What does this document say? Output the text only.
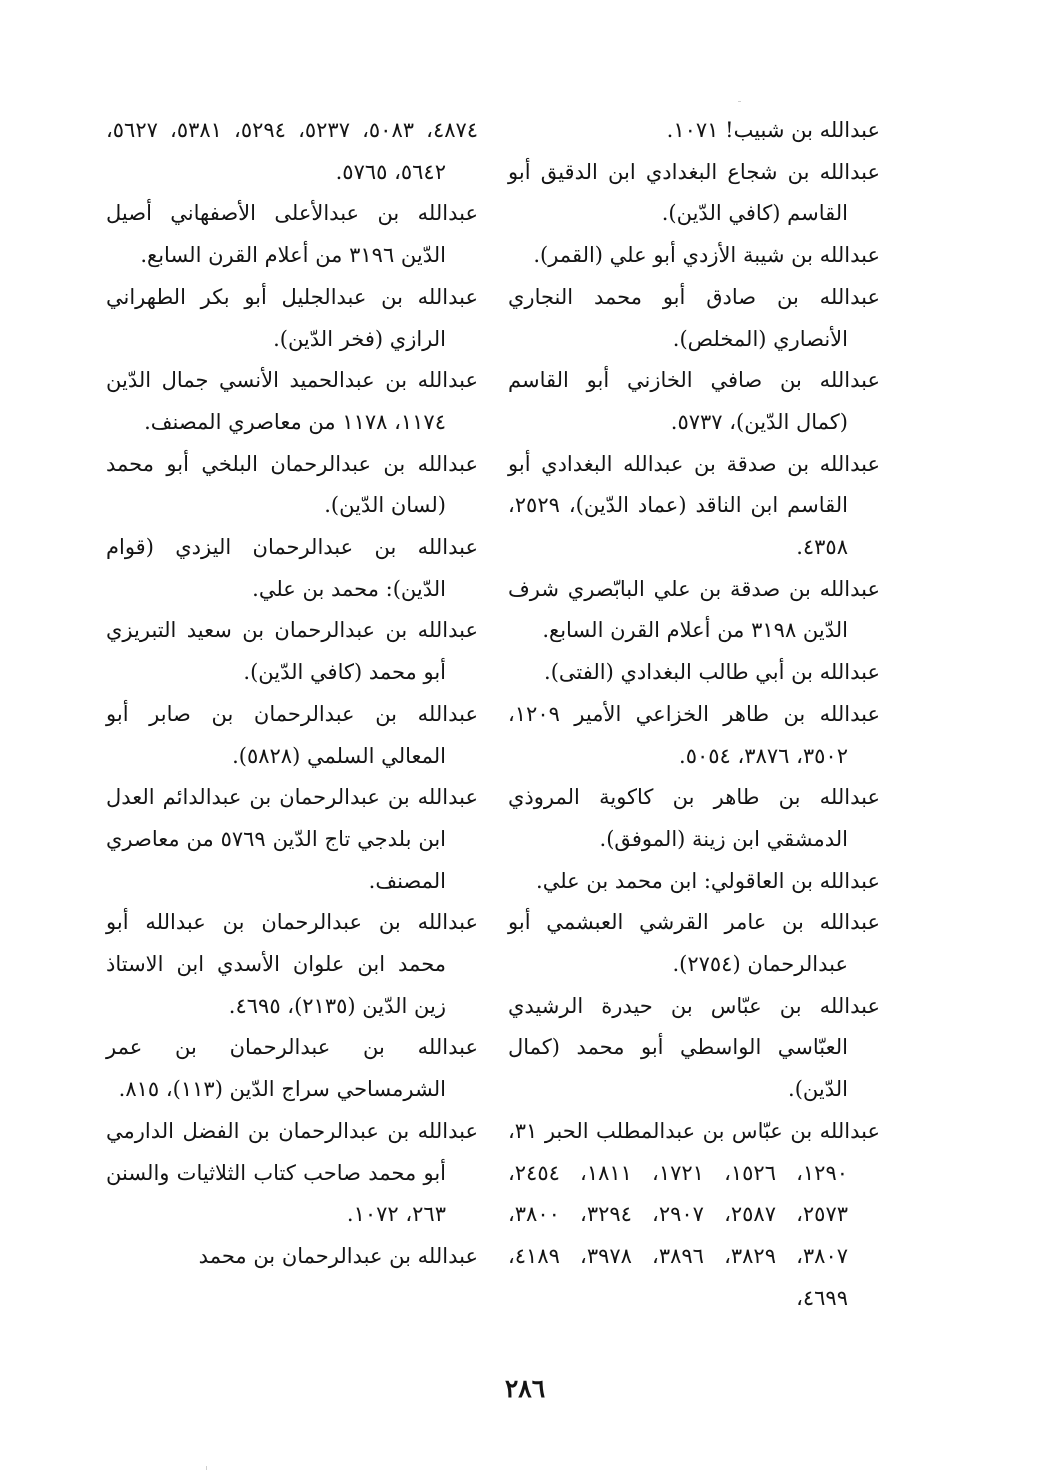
عبدالله بن شبيب! ١٠٧١.

عبدالله بن شجاع البغدادي ابن الدقيق أبو القاسم (كافي الدّين).

عبدالله بن شيبة الأزدي أبو علي (القمر).

عبدالله بن صادق أبو محمد النجاري الأنصاري (المخلص).

عبدالله بن صافي الخازني أبو القاسم (كمال الدّين)، ٥٧٣٧.

عبدالله بن صدقة بن عبدالله البغدادي أبو القاسم ابن الناقد (عماد الدّين)، ٢٥٢٩، ٤٣٥٨.

عبدالله بن صدقة بن علي البابّصري شرف الدّين ٣١٩٨ من أعلام القرن السابع.

عبدالله بن أبي طالب البغدادي (الفتى).

عبدالله بن طاهر الخزاعي الأمير ١٢٠٩، ٣٥٠٢، ٣٨٧٦، ٥٠٥٤.

عبدالله بن طاهر بن كاكوية المروذي الدمشقي ابن زينة (الموفق).

عبدالله بن العاقولي: ابن محمد بن علي.

عبدالله بن عامر القرشي العبشمي أبو عبدالرحمان (٢٧٥٤).

عبدالله بن عبّاس بن حيدرة الرشيدي العبّاسي الواسطي أبو محمد (كمال الدّين).

عبدالله بن عبّاس بن عبدالمطلب الحبر ٣١، ١٢٩٠، ١٥٢٦، ١٧٢١، ١٨١١، ٢٤٥٤، ٢٥٧٣، ٢٥٨٧، ٢٩٠٧، ٣٢٩٤، ٣٨٠٠، ٣٨٠٧، ٣٨٢٩، ٣٨٩٦، ٣٩٧٨، ٤١٨٩، ٤٦٩٩،

٤٨٧٤، ٥٠٨٣، ٥٢٣٧، ٥٢٩٤، ٥٣٨١، ٥٦٢٧، ٥٦٤٢، ٥٧٦٥.

عبدالله بن عبدالأعلى الأصفهاني أصيل الدّين ٣١٩٦ من أعلام القرن السابع.

عبدالله بن عبدالجليل أبو بكر الطهراني الرازي (فخر الدّين).

عبدالله بن عبدالحميد الأنسي جمال الدّين ١١٧٤، ١١٧٨ من معاصري المصنف.

عبدالله بن عبدالرحمان البلخي أبو محمد (لسان الدّين).

عبدالله بن عبدالرحمان اليزدي (قوام الدّين): محمد بن علي.

عبدالله بن عبدالرحمان بن سعيد التبريزي أبو محمد (كافي الدّين).

عبدالله بن عبدالرحمان بن صابر أبو المعالي السلمي (٥٨٢٨).

عبدالله بن عبدالرحمان بن عبدالدائم العدل ابن بلدجي تاج الدّين ٥٧٦٩ من معاصري المصنف.

عبدالله بن عبدالرحمان بن عبدالله أبو محمد ابن علوان الأسدي ابن الاستاذ زين الدّين (٢١٣٥)، ٤٦٩٥.

عبدالله بن عبدالرحمان بن عمر الشرمساحي سراج الدّين (١١٣)، ٨١٥.

عبدالله بن عبدالرحمان بن الفضل الدارمي أبو محمد صاحب كتاب الثلاثيات والسنن ٢٦٣، ١٠٧٢.

عبدالله بن عبدالرحمان بن محمد

٢٨٦
